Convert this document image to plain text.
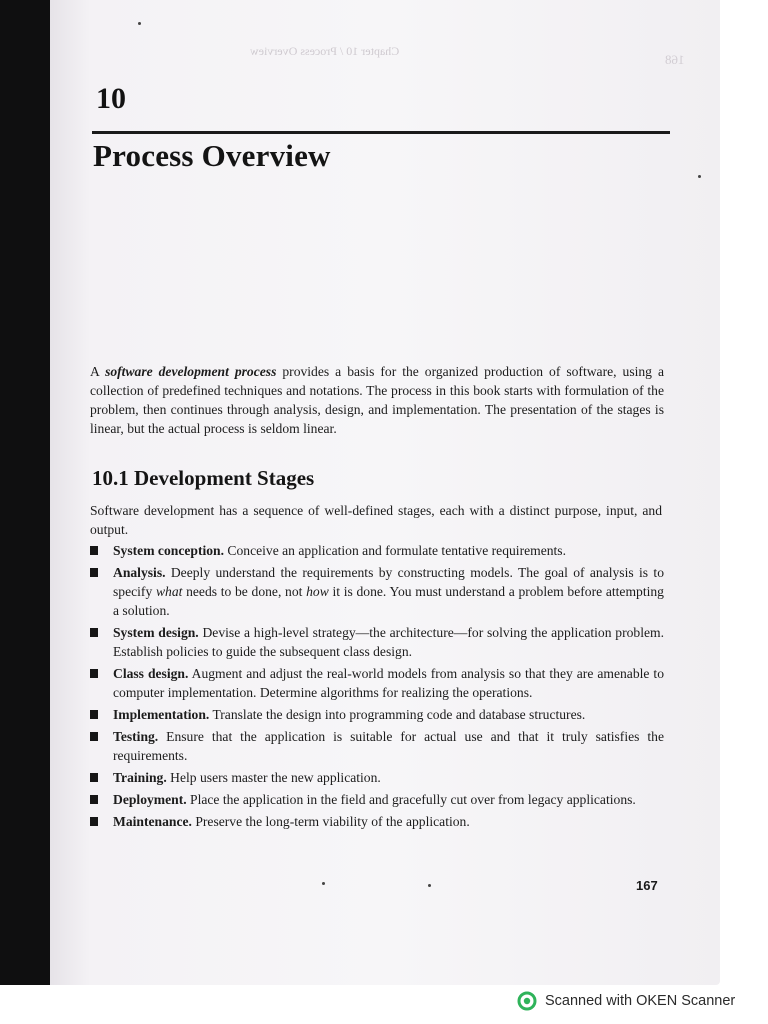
Chapter 10 / Process Overview
168
10
Process Overview

A software development process provides a basis for the organized production of software, using a collection of predefined techniques and notations. The process in this book starts with formulation of the problem, then continues through analysis, design, and implementation. The presentation of the stages is linear, but the actual process is seldom linear.

10.1 Development Stages

Software development has a sequence of well-defined stages, each with a distinct purpose, input, and output.

System conception. Conceive an application and formulate tentative requirements.
Analysis. Deeply understand the requirements by constructing models. The goal of analysis is to specify what needs to be done, not how it is done. You must understand a problem before attempting a solution.
System design. Devise a high-level strategy—the architecture—for solving the application problem. Establish policies to guide the subsequent class design.
Class design. Augment and adjust the real-world models from analysis so that they are amenable to computer implementation. Determine algorithms for realizing the operations.
Implementation. Translate the design into programming code and database structures.
Testing. Ensure that the application is suitable for actual use and that it truly satisfies the requirements.
Training. Help users master the new application.
Deployment. Place the application in the field and gracefully cut over from legacy applications.
Maintenance. Preserve the long-term viability of the application.
167
Scanned with OKEN Scanner
